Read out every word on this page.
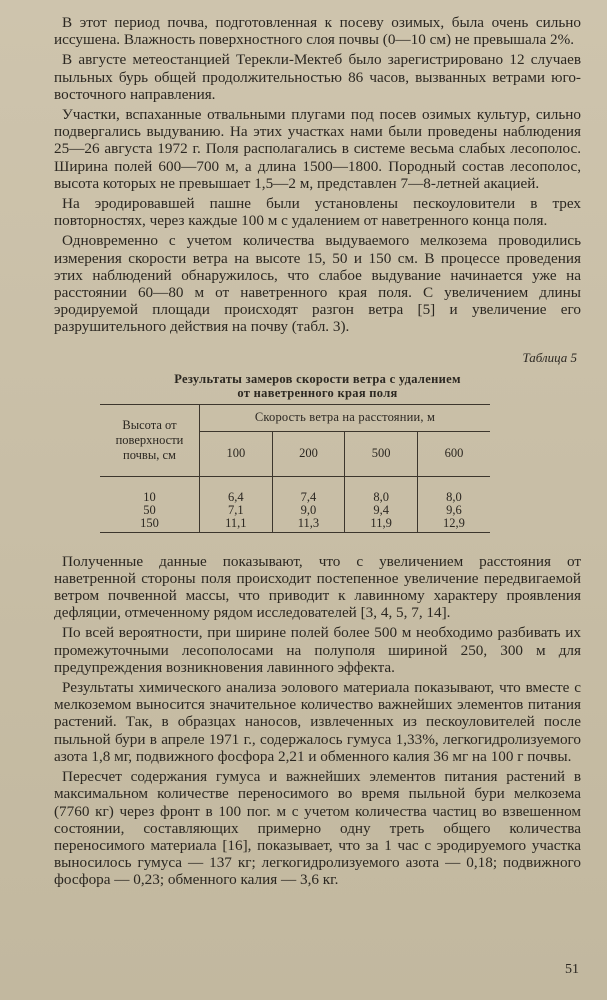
В этот период почва, подготовленная к посеву озимых, была очень сильно иссушена. Влажность поверхностного слоя почвы (0—10 см) не превышала 2%.

В августе метеостанцией Терекли-Мектеб было зарегистрировано 12 случаев пыльных бурь общей продолжительностью 86 часов, вызванных ветрами юго-восточного направления.

Участки, вспаханные отвальными плугами под посев озимых культур, сильно подвергались выдуванию. На этих участках нами были проведены наблюдения 25—26 августа 1972 г. Поля располагались в системе весьма слабых лесополос. Ширина полей 600—700 м, а длина 1500—1800. Породный состав лесополос, высота которых не превышает 1,5—2 м, представлен 7—8-летней акацией.

На эродировавшей пашне были установлены пескоуловители в трех повторностях, через каждые 100 м с удалением от наветренного конца поля.

Одновременно с учетом количества выдуваемого мелкозема проводились измерения скорости ветра на высоте 15, 50 и 150 см. В процессе проведения этих наблюдений обнаружилось, что слабое выдувание начинается уже на расстоянии 60—80 м от наветренного края поля. С увеличением длины эродируемой площади происходят разгон ветра [5] и увеличение его разрушительного действия на почву (табл. 3).

Таблица 5
Результаты замеров скорости ветра с удалением
от наветренного края поля
Высота от
поверхности
почвы, см	Скорость ветра на расстоянии, м			
	100	200	500	600

10	6,4	7,4	8,0	8,0
50	7,1	9,0	9,4	9,6
150	11,1	11,3	11,9	12,9

Полученные данные показывают, что с увеличением расстояния от наветренной стороны поля происходит постепенное увеличение передвигаемой ветром почвенной массы, что приводит к лавинному характеру проявления дефляции, отмеченному рядом исследователей [3, 4, 5, 7, 14].

По всей вероятности, при ширине полей более 500 м необходимо разбивать их промежуточными лесополосами на полуполя шириной 250, 300 м для предупреждения возникновения лавинного эффекта.

Результаты химического анализа эолового материала показывают, что вместе с мелкоземом выносится значительное количество важнейших элементов питания растений. Так, в образцах наносов, извлеченных из пескоуловителей после пыльной бури в апреле 1971 г., содержалось гумуса 1,33%, легкогидролизуемого азота 1,8 мг, подвижного фосфора 2,21 и обменного калия 36 мг на 100 г почвы.

Пересчет содержания гумуса и важнейших элементов питания растений в максимальном количестве переносимого во время пыльной бури мелкозема (7760 кг) через фронт в 100 пог. м с учетом количества частиц во взвешенном состоянии, составляющих примерно одну треть общего количества переносимого материала [16], показывает, что за 1 час с эродируемого участка выносилось гумуса — 137 кг; легкогидролизуемого азота — 0,18; подвижного фосфора — 0,23; обменного калия — 3,6 кг.

51
